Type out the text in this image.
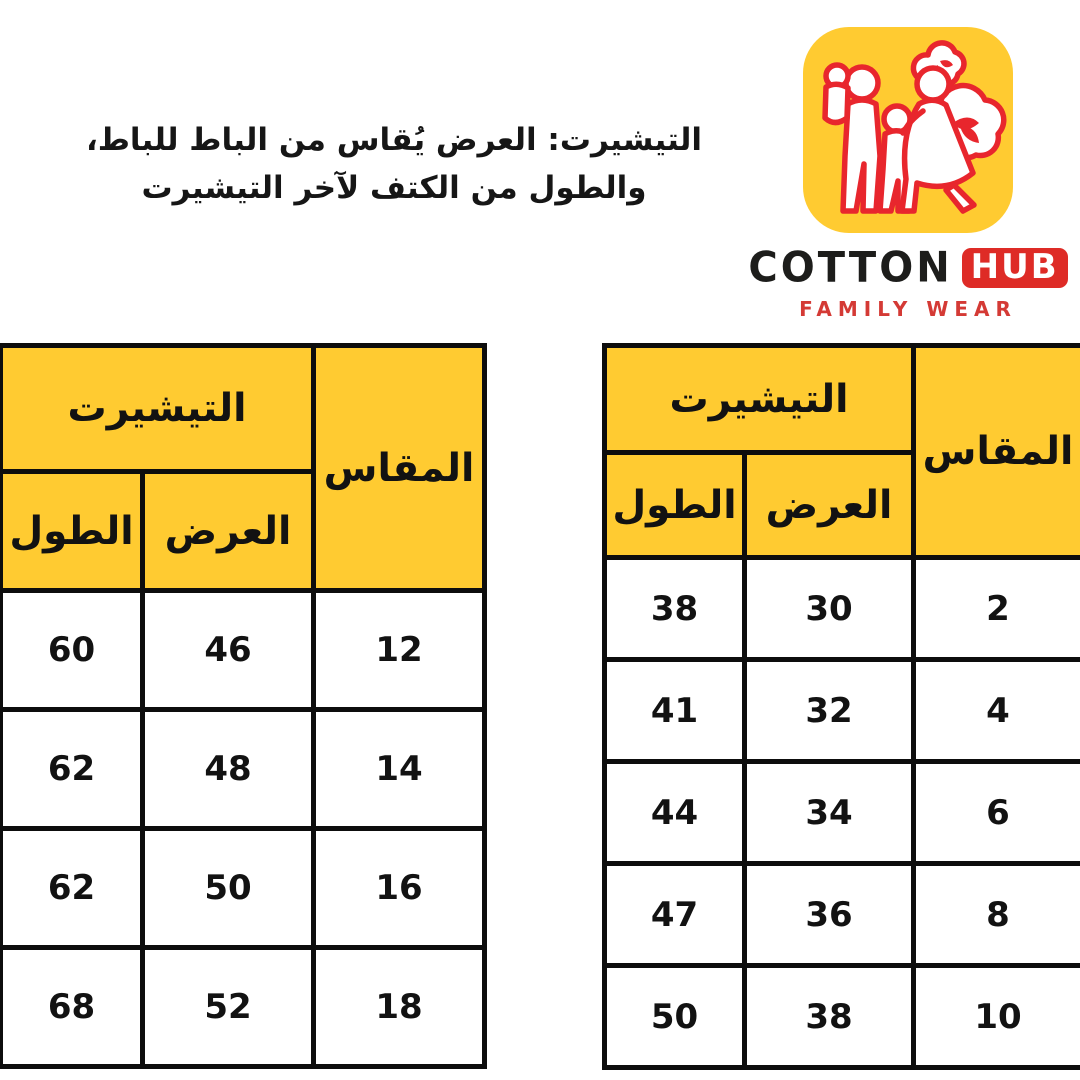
التيشيرت: العرض يُقاس من الباط للباط، والطول من الكتف لآخر التيشيرت
COTTON HUB
FAMILY WEAR
التيشيرت		المقاس
الطول	العرض	
60	46	12
62	48	14
62	50	16
68	52	18
التيشيرت		المقاس
الطول	العرض	
38	30	2
41	32	4
44	34	6
47	36	8
50	38	10
